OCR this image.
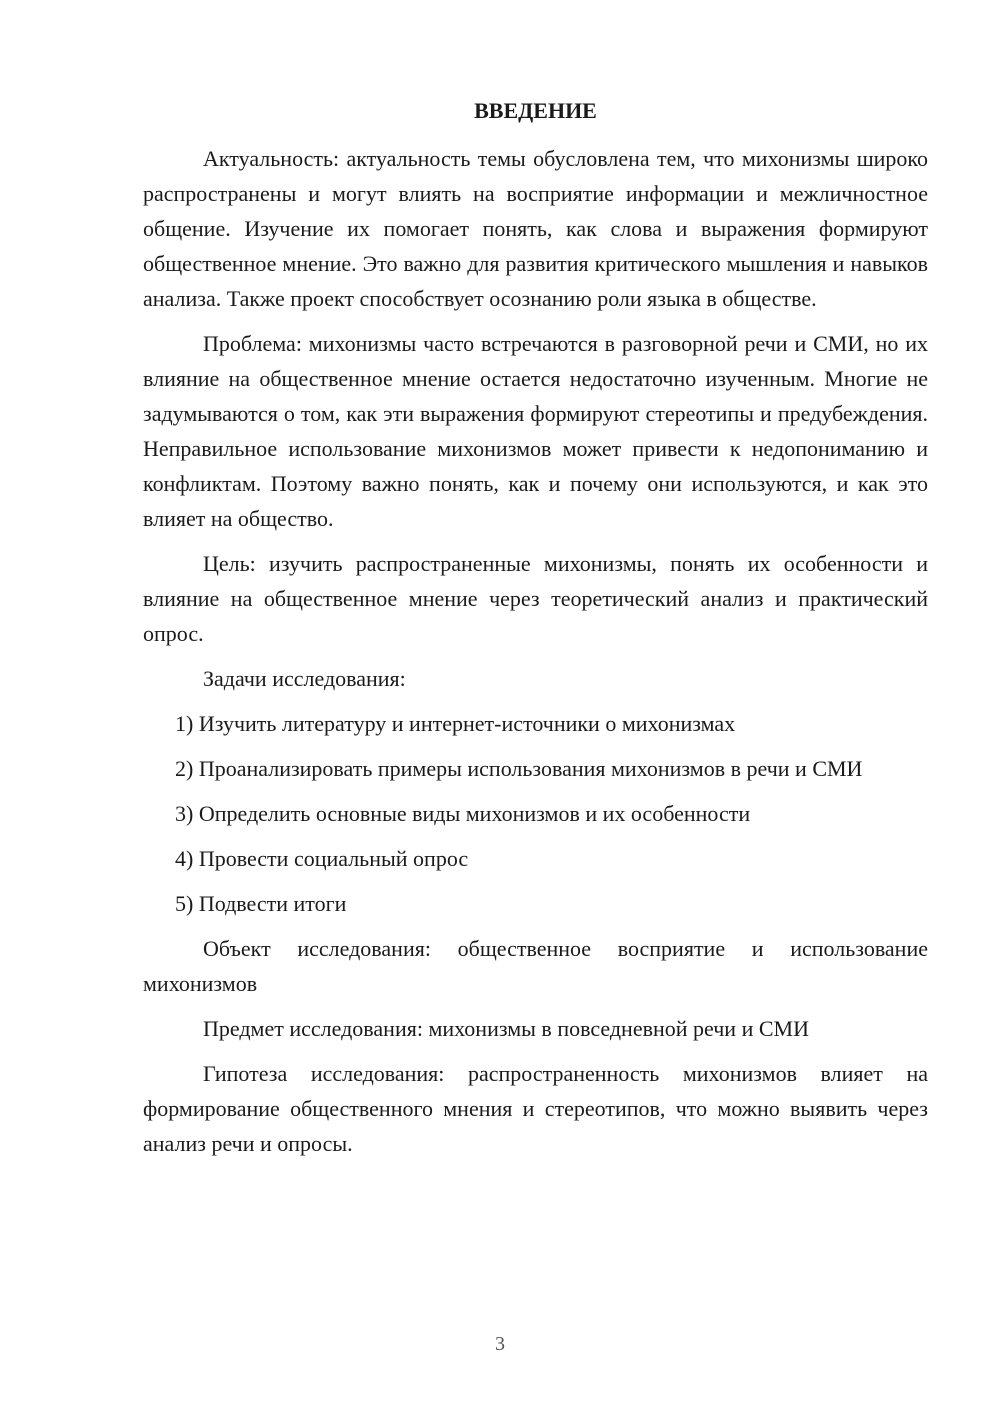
ВВЕДЕНИЕ

Актуальность: актуальность темы обусловлена тем, что михонизмы широко распространены и могут влиять на восприятие информации и межличностное общение. Изучение их помогает понять, как слова и выражения формируют общественное мнение. Это важно для развития критического мышления и навыков анализа. Также проект способствует осознанию роли языка в обществе.

Проблема: михонизмы часто встречаются в разговорной речи и СМИ, но их влияние на общественное мнение остается недостаточно изученным. Многие не задумываются о том, как эти выражения формируют стереотипы и предубеждения. Неправильное использование михонизмов может привести к недопониманию и конфликтам. Поэтому важно понять, как и почему они используются, и как это влияет на общество.

Цель: изучить распространенные михонизмы, понять их особенности и влияние на общественное мнение через теоретический анализ и практический опрос.

Задачи исследования:

1) Изучить литературу и интернет-источники о михонизмах

2) Проанализировать примеры использования михонизмов в речи и СМИ

3) Определить основные виды михонизмов и их особенности

4) Провести социальный опрос

5) Подвести итоги

Объект исследования: общественное восприятие и использование михонизмов

Предмет исследования: михонизмы в повседневной речи и СМИ

Гипотеза исследования: распространенность михонизмов влияет на формирование общественного мнения и стереотипов, что можно выявить через анализ речи и опросы.

3
